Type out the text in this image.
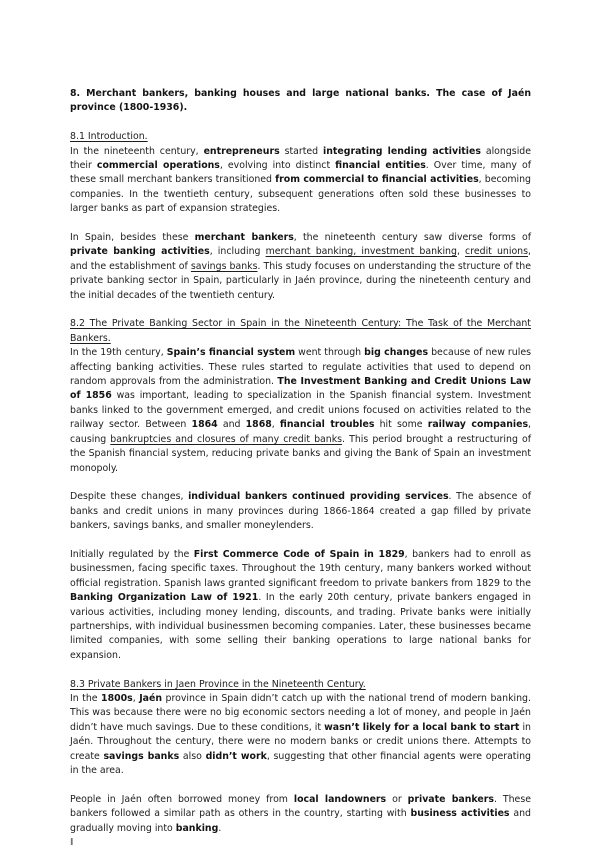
8. Merchant bankers, banking houses and large national banks. The case of Jaén province (1800-1936).
8.1 Introduction.
In the nineteenth century, entrepreneurs started integrating lending activities alongside their commercial operations, evolving into distinct financial entities. Over time, many of these small merchant bankers transitioned from commercial to financial activities, becoming companies. In the twentieth century, subsequent generations often sold these businesses to larger banks as part of expansion strategies.
In Spain, besides these merchant bankers, the nineteenth century saw diverse forms of private banking activities, including merchant banking, investment banking, credit unions, and the establishment of savings banks. This study focuses on understanding the structure of the private banking sector in Spain, particularly in Jaén province, during the nineteenth century and the initial decades of the twentieth century.
8.2 The Private Banking Sector in Spain in the Nineteenth Century: The Task of the Merchant Bankers.
In the 19th century, Spain’s financial system went through big changes because of new rules affecting banking activities. These rules started to regulate activities that used to depend on random approvals from the administration. The Investment Banking and Credit Unions Law of 1856 was important, leading to specialization in the Spanish financial system. Investment banks linked to the government emerged, and credit unions focused on activities related to the railway sector. Between 1864 and 1868, financial troubles hit some railway companies, causing bankruptcies and closures of many credit banks. This period brought a restructuring of the Spanish financial system, reducing private banks and giving the Bank of Spain an investment monopoly.
Despite these changes, individual bankers continued providing services. The absence of banks and credit unions in many provinces during 1866-1864 created a gap filled by private bankers, savings banks, and smaller moneylenders.
Initially regulated by the First Commerce Code of Spain in 1829, bankers had to enroll as businessmen, facing specific taxes. Throughout the 19th century, many bankers worked without official registration. Spanish laws granted significant freedom to private bankers from 1829 to the Banking Organization Law of 1921. In the early 20th century, private bankers engaged in various activities, including money lending, discounts, and trading. Private banks were initially partnerships, with individual businessmen becoming companies. Later, these businesses became limited companies, with some selling their banking operations to large national banks for expansion.
8.3 Private Bankers in Jaen Province in the Nineteenth Century.
In the 1800s, Jaén province in Spain didn’t catch up with the national trend of modern banking. This was because there were no big economic sectors needing a lot of money, and people in Jaén didn’t have much savings. Due to these conditions, it wasn’t likely for a local bank to start in Jaén. Throughout the century, there were no modern banks or credit unions there. Attempts to create savings banks also didn’t work, suggesting that other financial agents were operating in the area.
People in Jaén often borrowed money from local landowners or private bankers. These bankers followed a similar path as others in the country, starting with business activities and gradually moving into banking.
I
